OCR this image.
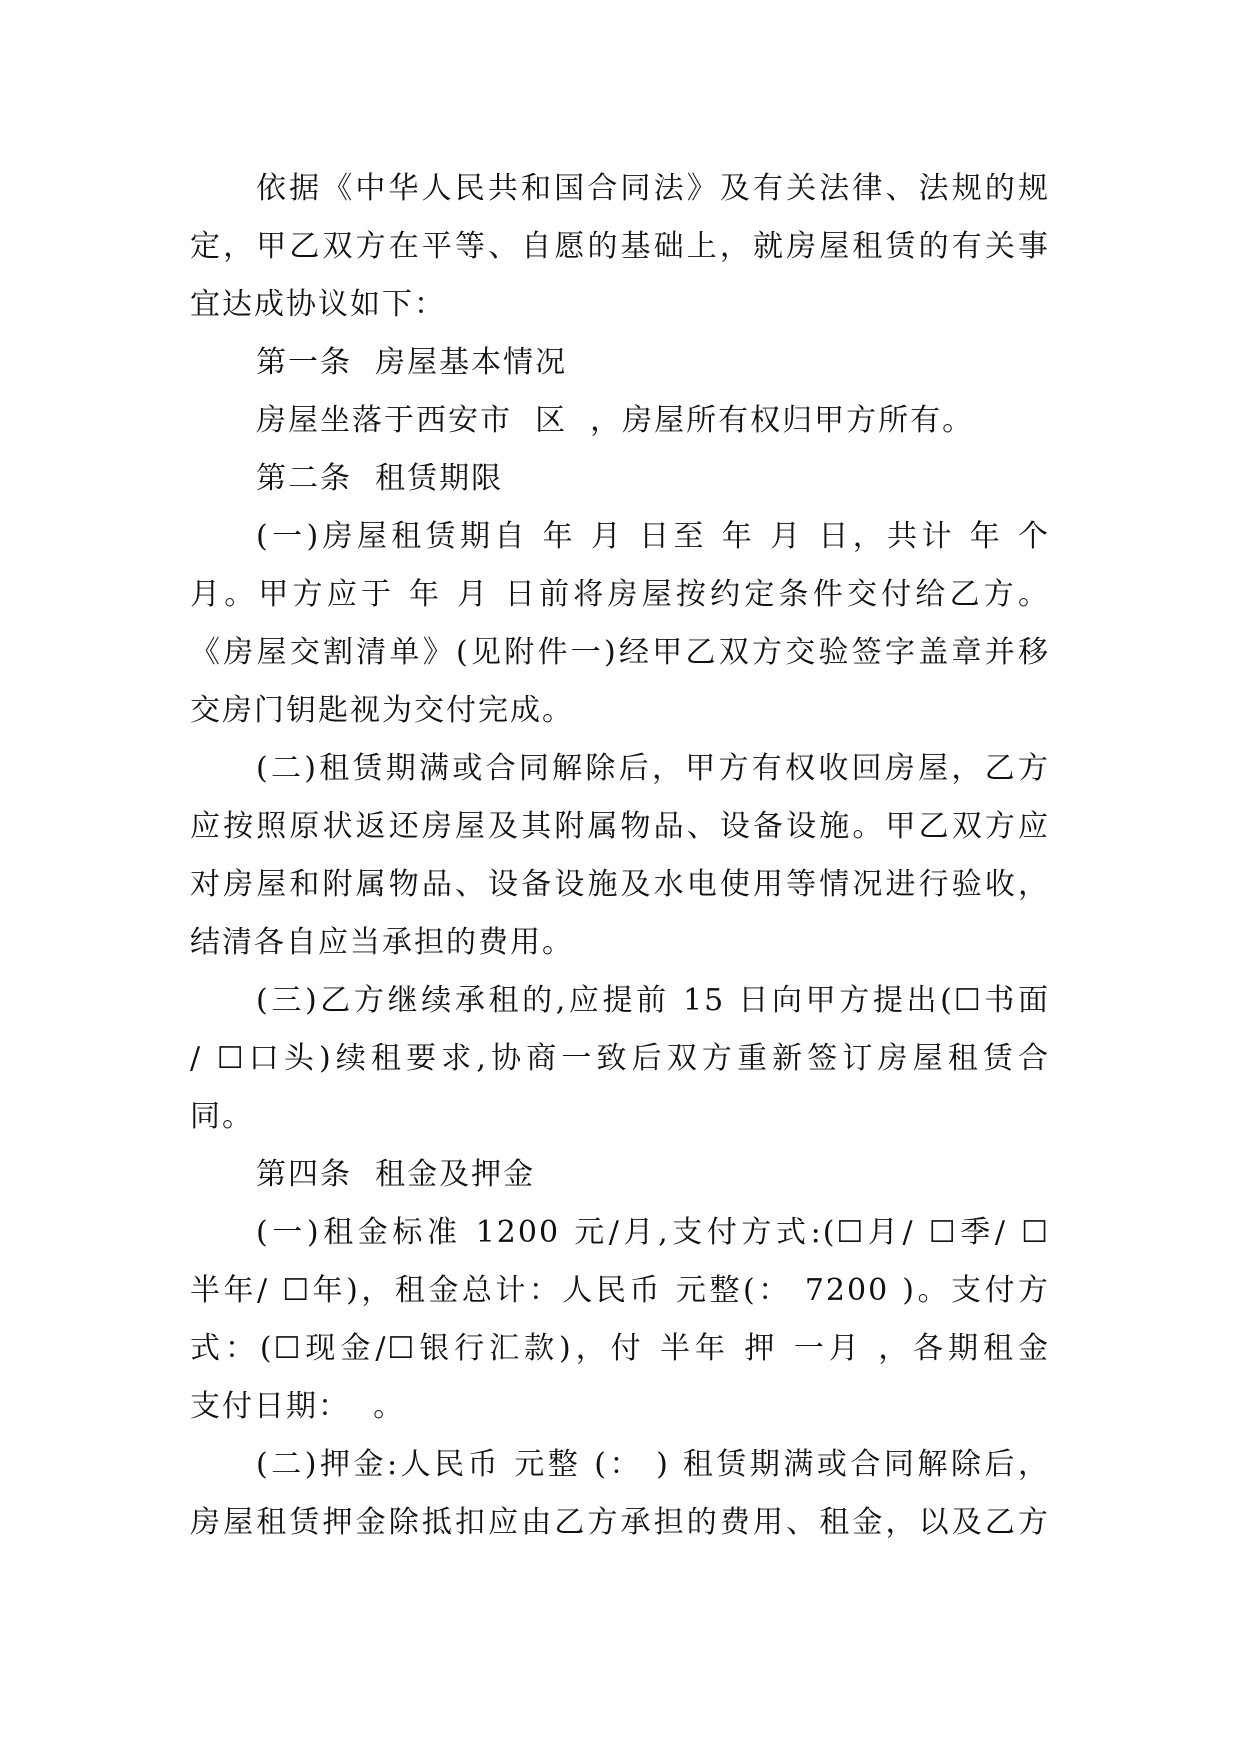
依据《中华人民共和国合同法》及有关法律、法规的规
定，甲乙双方在平等、自愿的基础上，就房屋租赁的有关事
宜达成协议如下：
第一条  房屋基本情况
房屋坐落于西安市  区  ，房屋所有权归甲方所有。
第二条  租赁期限
(一)房屋租赁期自 年 月 日至 年 月 日，共计 年 个
月。甲方应于 年 月 日前将房屋按约定条件交付给乙方。
《房屋交割清单》(见附件一)经甲乙双方交验签字盖章并移
交房门钥匙视为交付完成。
(二)租赁期满或合同解除后，甲方有权收回房屋，乙方
应按照原状返还房屋及其附属物品、设备设施。甲乙双方应
对房屋和附属物品、设备设施及水电使用等情况进行验收，
结清各自应当承担的费用。
(三)乙方继续承租的,应提前 15 日向甲方提出(☐书面
/ ☐口头)续租要求,协商一致后双方重新签订房屋租赁合
同。
第四条  租金及押金
(一)租金标准 1200 元/月,支付方式:(☐月/ ☐季/ ☐
半年/ ☐年)，租金总计：人民币 元整(： 7200 )。支付方
式：(☐现金/☐银行汇款)，付 半年 押 一月 ，各期租金
支付日期：  。
(二)押金:人民币 元整 (： ) 租赁期满或合同解除后，
房屋租赁押金除抵扣应由乙方承担的费用、租金，以及乙方
